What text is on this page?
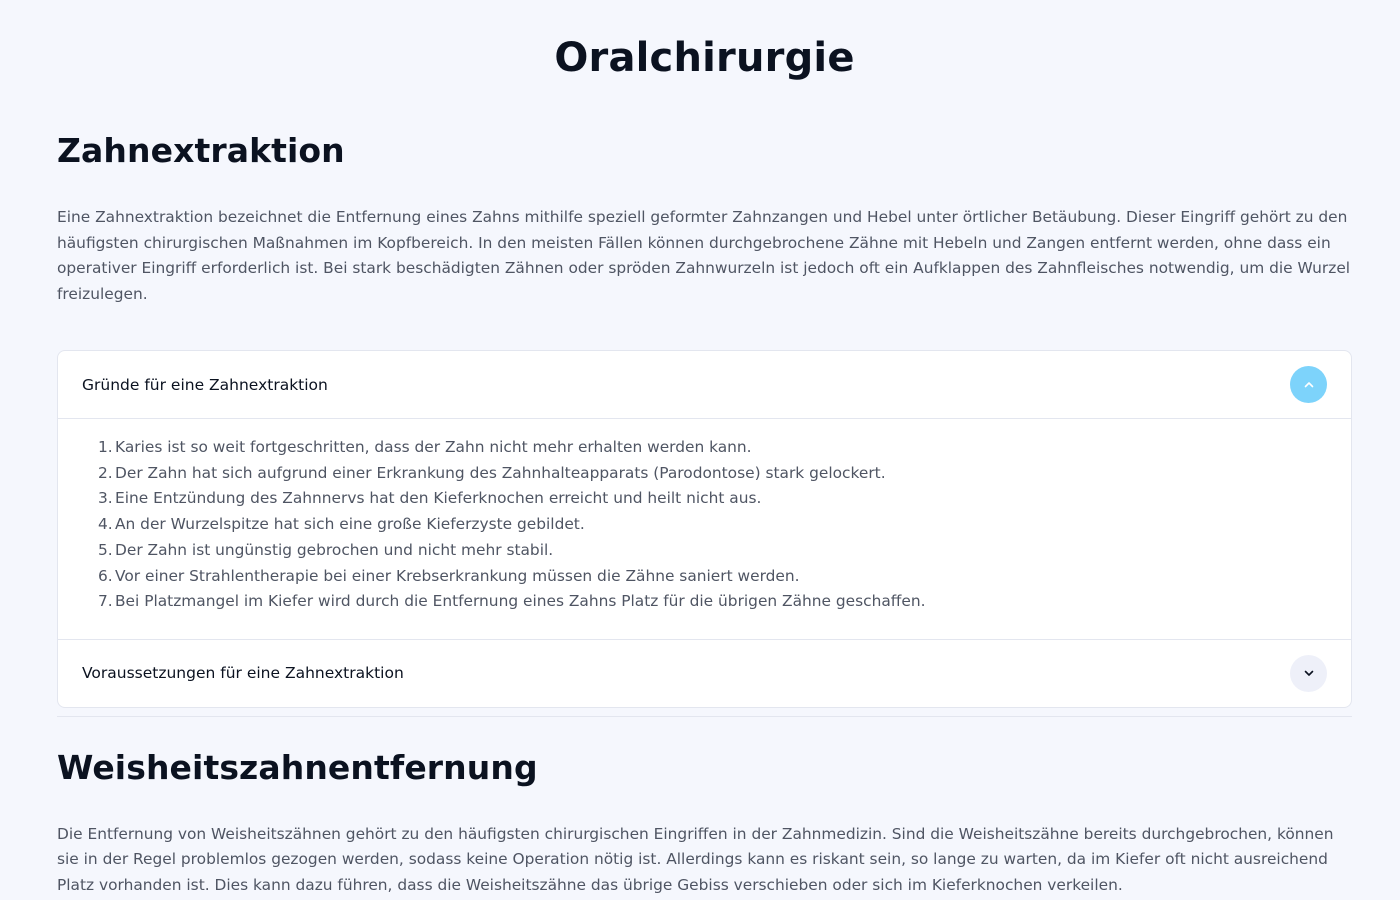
Oralchirurgie
Zahnextraktion

Eine Zahnextraktion bezeichnet die Entfernung eines Zahns mithilfe speziell geformter Zahnzangen und Hebel unter örtlicher Betäubung. Dieser Eingriff gehört zu den häufigsten chirurgischen Maßnahmen im Kopfbereich. In den meisten Fällen können durchgebrochene Zähne mit Hebeln und Zangen entfernt werden, ohne dass ein operativer Eingriff erforderlich ist. Bei stark beschädigten Zähnen oder spröden Zahnwurzeln ist jedoch oft ein Aufklappen des Zahnfleisches notwendig, um die Wurzel freizulegen.

Gründe für eine Zahnextraktion
1. Karies ist so weit fortgeschritten, dass der Zahn nicht mehr erhalten werden kann.
2. Der Zahn hat sich aufgrund einer Erkrankung des Zahnhalteapparats (Parodontose) stark gelockert.
3. Eine Entzündung des Zahnnervs hat den Kieferknochen erreicht und heilt nicht aus.
4. An der Wurzelspitze hat sich eine große Kieferzyste gebildet.
5. Der Zahn ist ungünstig gebrochen und nicht mehr stabil.
6. Vor einer Strahlentherapie bei einer Krebserkrankung müssen die Zähne saniert werden.
7. Bei Platzmangel im Kiefer wird durch die Entfernung eines Zahns Platz für die übrigen Zähne geschaffen.
Voraussetzungen für eine Zahnextraktion
Weisheitszahnentfernung

Die Entfernung von Weisheitszähnen gehört zu den häufigsten chirurgischen Eingriffen in der Zahnmedizin. Sind die Weisheitszähne bereits durchgebrochen, können sie in der Regel problemlos gezogen werden, sodass keine Operation nötig ist. Allerdings kann es riskant sein, so lange zu warten, da im Kiefer oft nicht ausreichend Platz vorhanden ist. Dies kann dazu führen, dass die Weisheitszähne das übrige Gebiss verschieben oder sich im Kieferknochen verkeilen.
